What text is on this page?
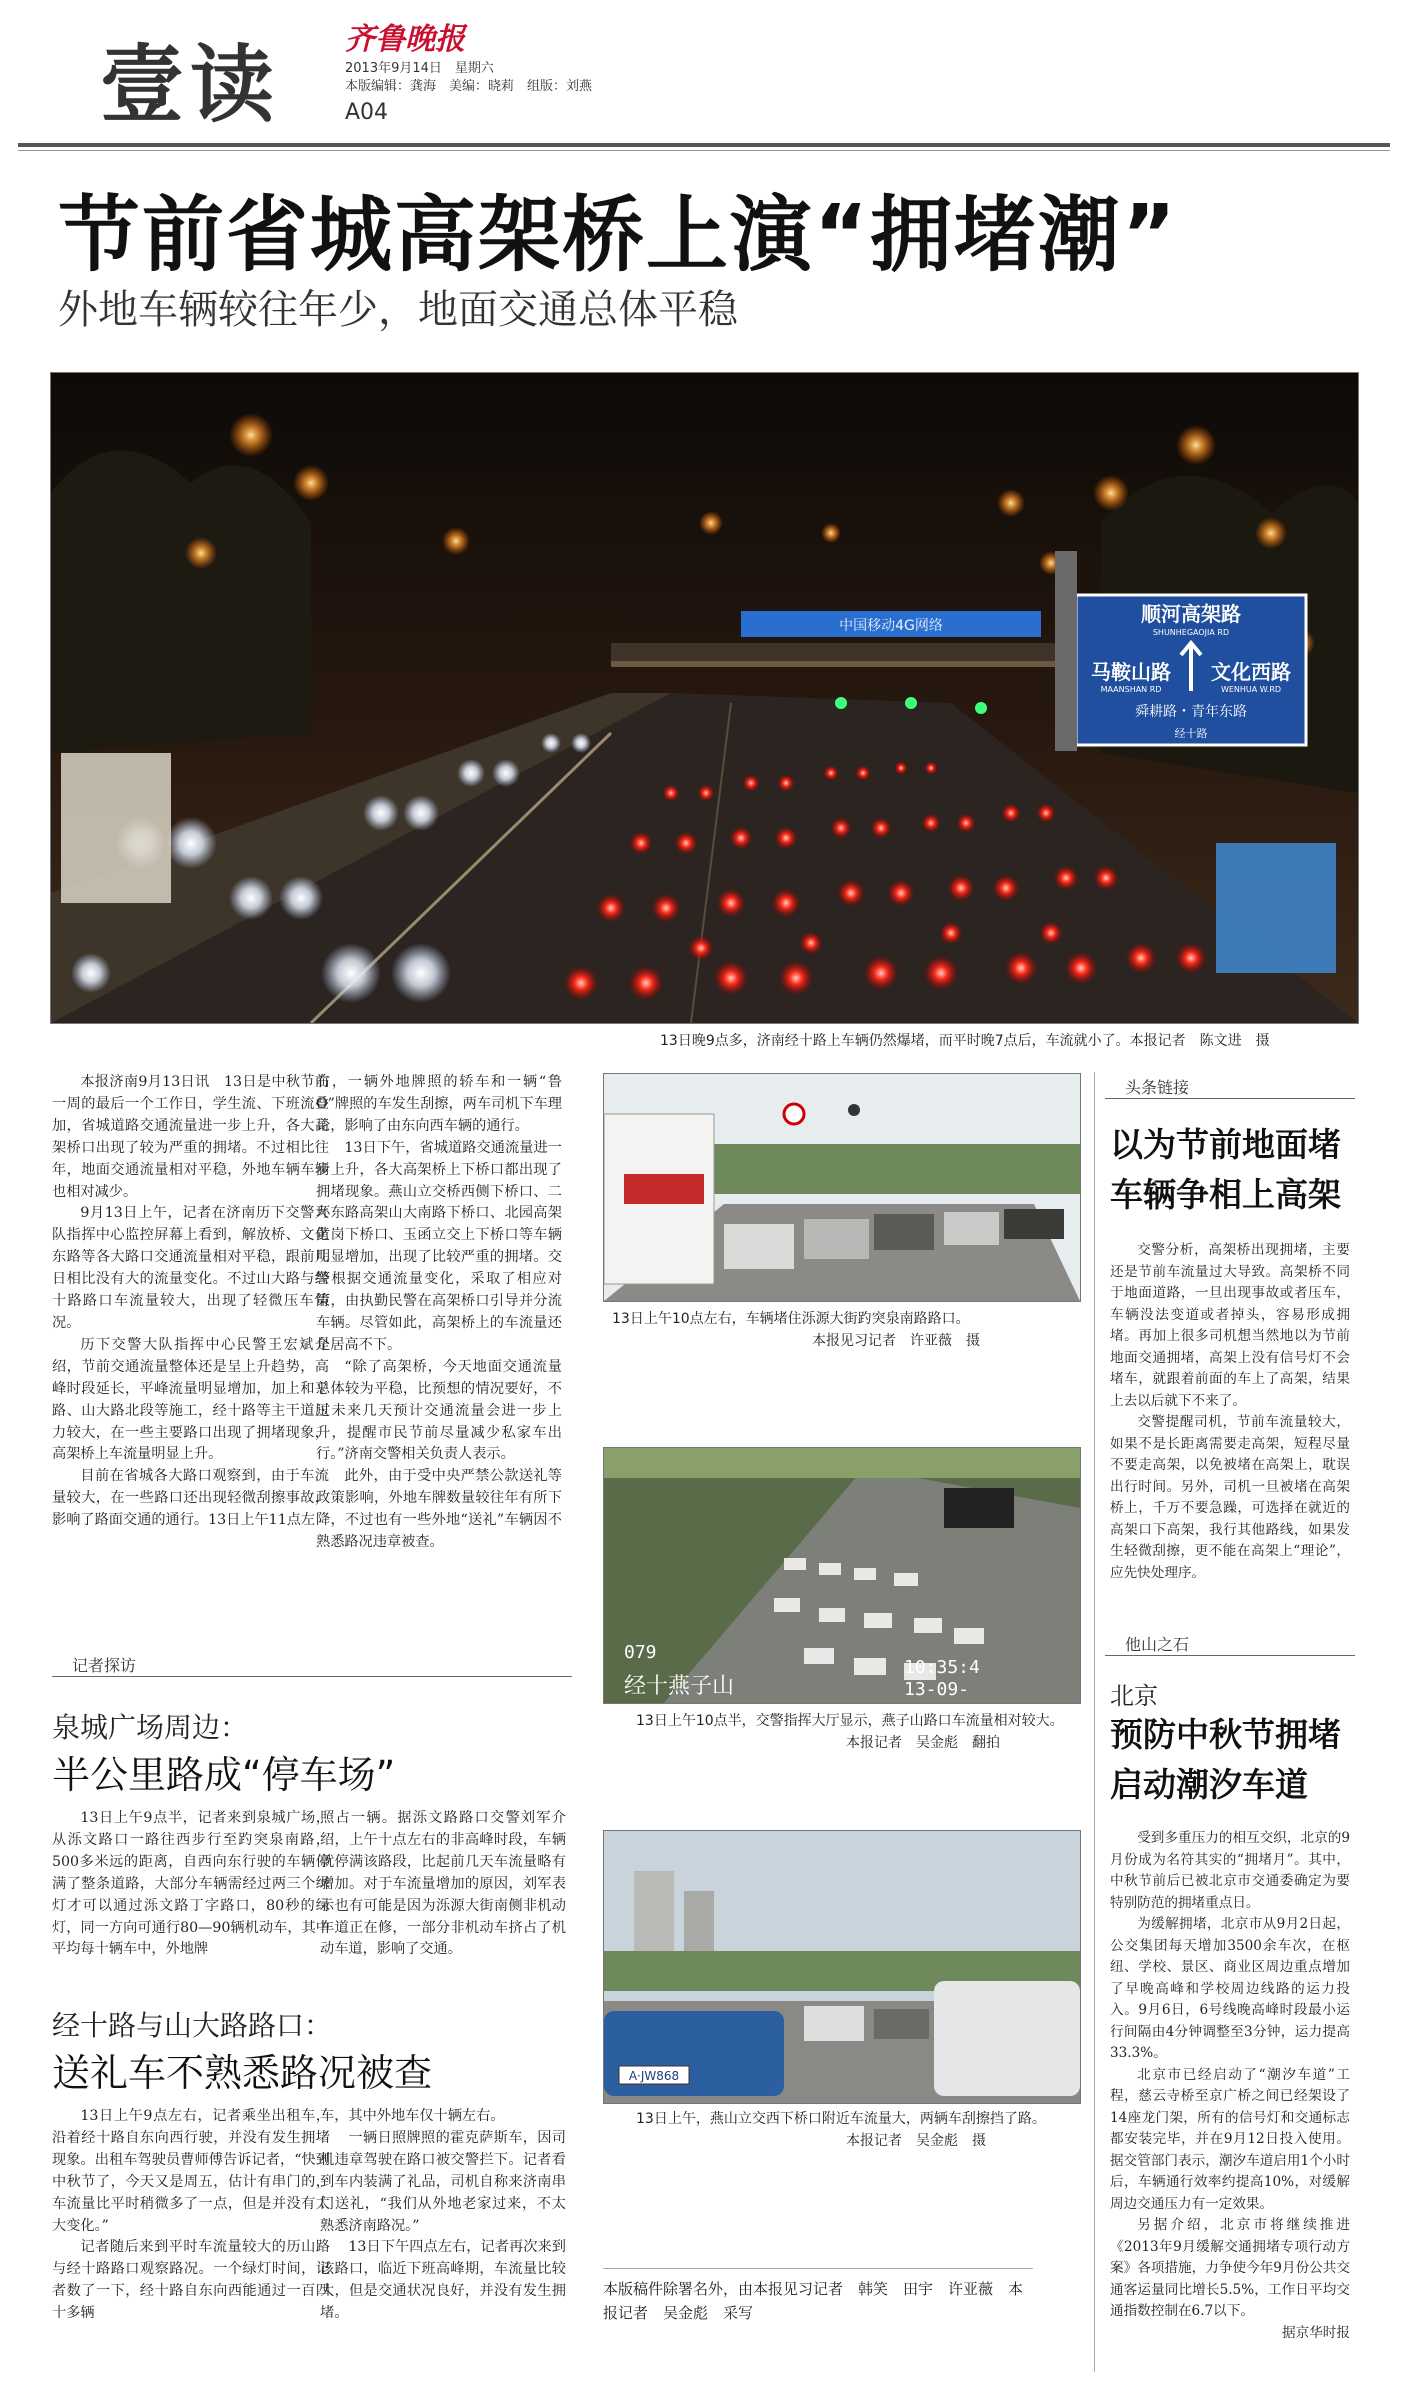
壹读 齐鲁晚报
2013年9月14日　星期六
本版编辑：龚海　美编：晓莉　组版：刘燕
A04
节前省城高架桥上演“拥堵潮”
外地车辆较往年少，地面交通总体平稳
中国移动4G网络	顺河高架路
SHUNHEGAOJIA RD
马鞍山路
MAANSHAN RD
文化西路
WENHUA W.RD
舜耕路・青年东路
经十路
13日晚9点多，济南经十路上车辆仍然爆堵，而平时晚7点后，车流就小了。本报记者　陈文进　摄

本报济南9月13日讯　13日是中秋节前一周的最后一个工作日，学生流、下班流叠加，省城道路交通流量进一步上升，各大高架桥口出现了较为严重的拥堵。不过相比往年，地面交通流量相对平稳，外地车辆车辆也相对减少。

9月13日上午，记者在济南历下交警大队指挥中心监控屏幕上看到，解放桥、文化东路等各大路口交通流量相对平稳，跟前几日相比没有大的流量变化。不过山大路与经十路路口车流量较大，出现了轻微压车情况。

历下交警大队指挥中心民警王宏斌介绍，节前交通流量整体还是呈上升趋势，高峰时段延长，平峰流量明显增加，加上和平路、山大路北段等施工，经十路等主干道压力较大，在一些主要路口出现了拥堵现象，高架桥上车流量明显上升。

目前在省城各大路口观察到，由于车流量较大，在一些路口还出现轻微刮擦事故，影响了路面交通的通行。13日上午11点左

右，一辆外地牌照的轿车和一辆“鲁O”牌照的车发生刮擦，两车司机下车理论，影响了由东向西车辆的通行。

13日下午，省城道路交通流量进一步上升，各大高架桥上下桥口都出现了拥堵现象。燕山立交桥西侧下桥口、二环东路高架山大南路下桥口、北园高架黄岗下桥口、玉函立交上下桥口等车辆明显增加，出现了比较严重的拥堵。交警根据交通流量变化，采取了相应对策，由执勤民警在高架桥口引导并分流车辆。尽管如此，高架桥上的车流量还是居高不下。

“除了高架桥，今天地面交通流量总体较为平稳，比预想的情况要好，不过未来几天预计交通流量会进一步上升，提醒市民节前尽量减少私家车出行。”济南交警相关负责人表示。

此外，由于受中央严禁公款送礼等政策影响，外地车牌数量较往年有所下降，不过也有一些外地“送礼”车辆因不熟悉路况违章被查。

13日上午10点左右，车辆堵住泺源大街趵突泉南路路口。
本报见习记者　许亚薇　摄
079
10:35:4
13-09-
经十燕子山
13日上午10点半，交警指挥大厅显示，燕子山路口车流量相对较大。
本报记者　吴金彪　翻拍
A·JW868
13日上午，燕山立交西下桥口附近车流量大，两辆车刮擦挡了路。
本报记者　吴金彪　摄
记者探访
泉城广场周边：
半公里路成“停车场”

13日上午9点半，记者来到泉城广场，从泺文路口一路往西步行至趵突泉南路，500多米远的距离，自西向东行驶的车辆停满了整条道路，大部分车辆需经过两三个绿灯才可以通过泺文路丁字路口，80秒的绿灯，同一方向可通行80—90辆机动车，其中平均每十辆车中，外地牌

照占一辆。据泺文路路口交警刘军介绍，上午十点左右的非高峰时段，车辆就停满该路段，比起前几天车流量略有增加。对于车流量增加的原因，刘军表示也有可能是因为泺源大街南侧非机动车道正在修，一部分非机动车挤占了机动车道，影响了交通。

经十路与山大路路口：
送礼车不熟悉路况被查

13日上午9点左右，记者乘坐出租车，沿着经十路自东向西行驶，并没有发生拥堵现象。出租车驾驶员曹师傅告诉记者，“快到中秋节了，今天又是周五，估计有串门的，车流量比平时稍微多了一点，但是并没有太大变化。”

记者随后来到平时车流量较大的历山路与经十路路口观察路况。一个绿灯时间，记者数了一下，经十路自东向西能通过一百四十多辆

车，其中外地车仅十辆左右。

一辆日照牌照的霍克萨斯车，因司机违章驾驶在路口被交警拦下。记者看到车内装满了礼品，司机自称来济南串门送礼，“我们从外地老家过来，不太熟悉济南路况。”

13日下午四点左右，记者再次来到该路口，临近下班高峰期，车流量比较大，但是交通状况良好，并没有发生拥堵。

本版稿件除署名外，由本报见习记者　韩笑　田宇　许亚薇　本报记者　吴金彪　采写
头条链接
以为节前地面堵
车辆争相上高架

交警分析，高架桥出现拥堵，主要还是节前车流量过大导致。高架桥不同于地面道路，一旦出现事故或者压车，车辆没法变道或者掉头，容易形成拥堵。再加上很多司机想当然地以为节前地面交通拥堵，高架上没有信号灯不会堵车，就跟着前面的车上了高架，结果上去以后就下不来了。

交警提醒司机，节前车流量较大，如果不是长距离需要走高架，短程尽量不要走高架，以免被堵在高架上，耽误出行时间。另外，司机一旦被堵在高架桥上，千万不要急躁，可选择在就近的高架口下高架，我行其他路线，如果发生轻微刮擦，更不能在高架上“理论”，应先快处理序。

他山之石
北京
预防中秋节拥堵
启动潮汐车道

受到多重压力的相互交织，北京的9月份成为名符其实的“拥堵月”。其中，中秋节前后已被北京市交通委确定为要特别防范的拥堵重点日。

为缓解拥堵，北京市从9月2日起，公交集团每天增加3500余车次，在枢纽、学校、景区、商业区周边重点增加了早晚高峰和学校周边线路的运力投入。9月6日，6号线晚高峰时段最小运行间隔由4分钟调整至3分钟，运力提高33.3%。

北京市已经启动了“潮汐车道”工程，慈云寺桥至京广桥之间已经架设了14座龙门架，所有的信号灯和交通标志都安装完毕，并在9月12日投入使用。据交管部门表示，潮汐车道启用1个小时后，车辆通行效率约提高10%，对缓解周边交通压力有一定效果。

另据介绍，北京市将继续推进《2013年9月缓解交通拥堵专项行动方案》各项措施，力争使今年9月份公共交通客运量同比增长5.5%，工作日平均交通指数控制在6.7以下。

据京华时报
